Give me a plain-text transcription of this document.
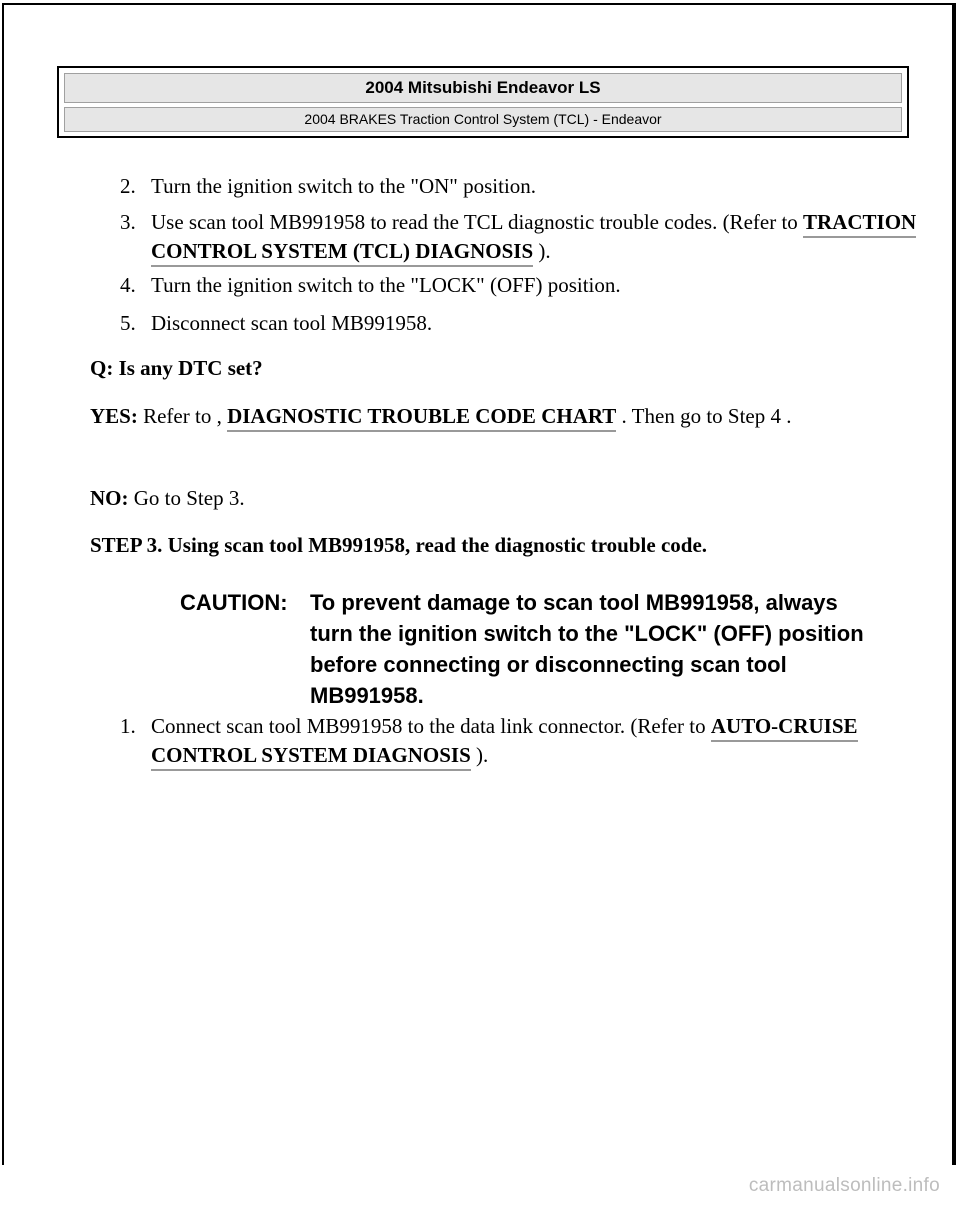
2004 Mitsubishi Endeavor LS
2004 BRAKES Traction Control System (TCL) - Endeavor
2. Turn the ignition switch to the "ON" position.
3. Use scan tool MB991958 to read the TCL diagnostic trouble codes. (Refer to TRACTION CONTROL SYSTEM (TCL) DIAGNOSIS ).
4. Turn the ignition switch to the "LOCK" (OFF) position.
5. Disconnect scan tool MB991958.
Q: Is any DTC set?
YES: Refer to , DIAGNOSTIC TROUBLE CODE CHART . Then go to Step 4 .
NO: Go to Step 3.
STEP 3. Using scan tool MB991958, read the diagnostic trouble code.
CAUTION: To prevent damage to scan tool MB991958, always turn the ignition switch to the "LOCK" (OFF) position before connecting or disconnecting scan tool MB991958.
1. Connect scan tool MB991958 to the data link connector. (Refer to AUTO-CRUISE CONTROL SYSTEM DIAGNOSIS ).
carmanualsonline.info
